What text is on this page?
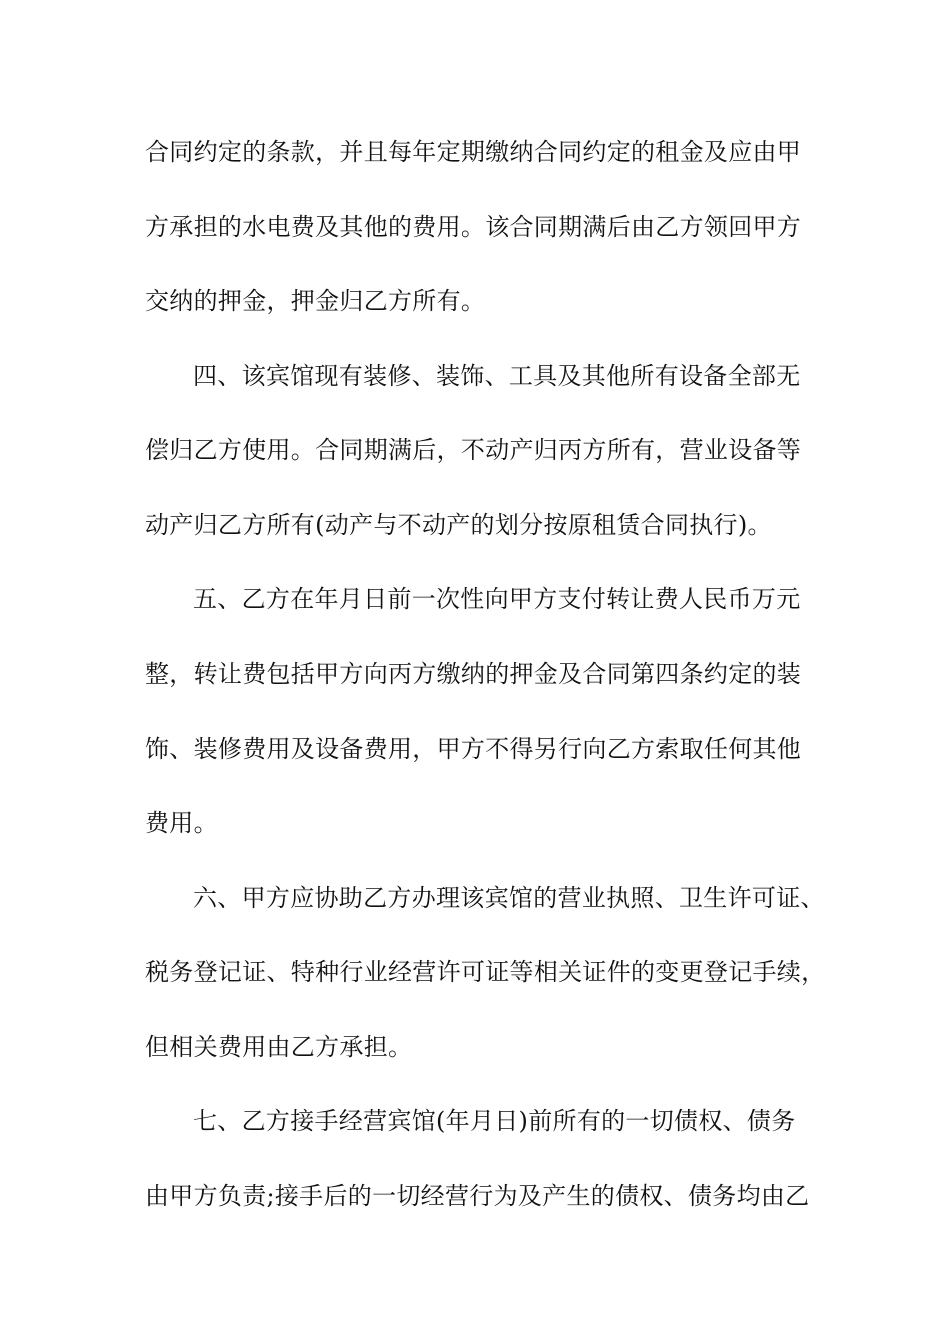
合同约定的条款，并且每年定期缴纳合同约定的租金及应由甲
方承担的水电费及其他的费用。该合同期满后由乙方领回甲方
交纳的押金，押金归乙方所有。
四、该宾馆现有装修、装饰、工具及其他所有设备全部无
偿归乙方使用。合同期满后，不动产归丙方所有，营业设备等
动产归乙方所有(动产与不动产的划分按原租赁合同执行)。
五、乙方在年月日前一次性向甲方支付转让费人民币万元
整，转让费包括甲方向丙方缴纳的押金及合同第四条约定的装
饰、装修费用及设备费用，甲方不得另行向乙方索取任何其他
费用。
六、甲方应协助乙方办理该宾馆的营业执照、卫生许可证、
税务登记证、特种行业经营许可证等相关证件的变更登记手续，
但相关费用由乙方承担。
七、乙方接手经营宾馆(年月日)前所有的一切债权、债务
由甲方负责;接手后的一切经营行为及产生的债权、债务均由乙
